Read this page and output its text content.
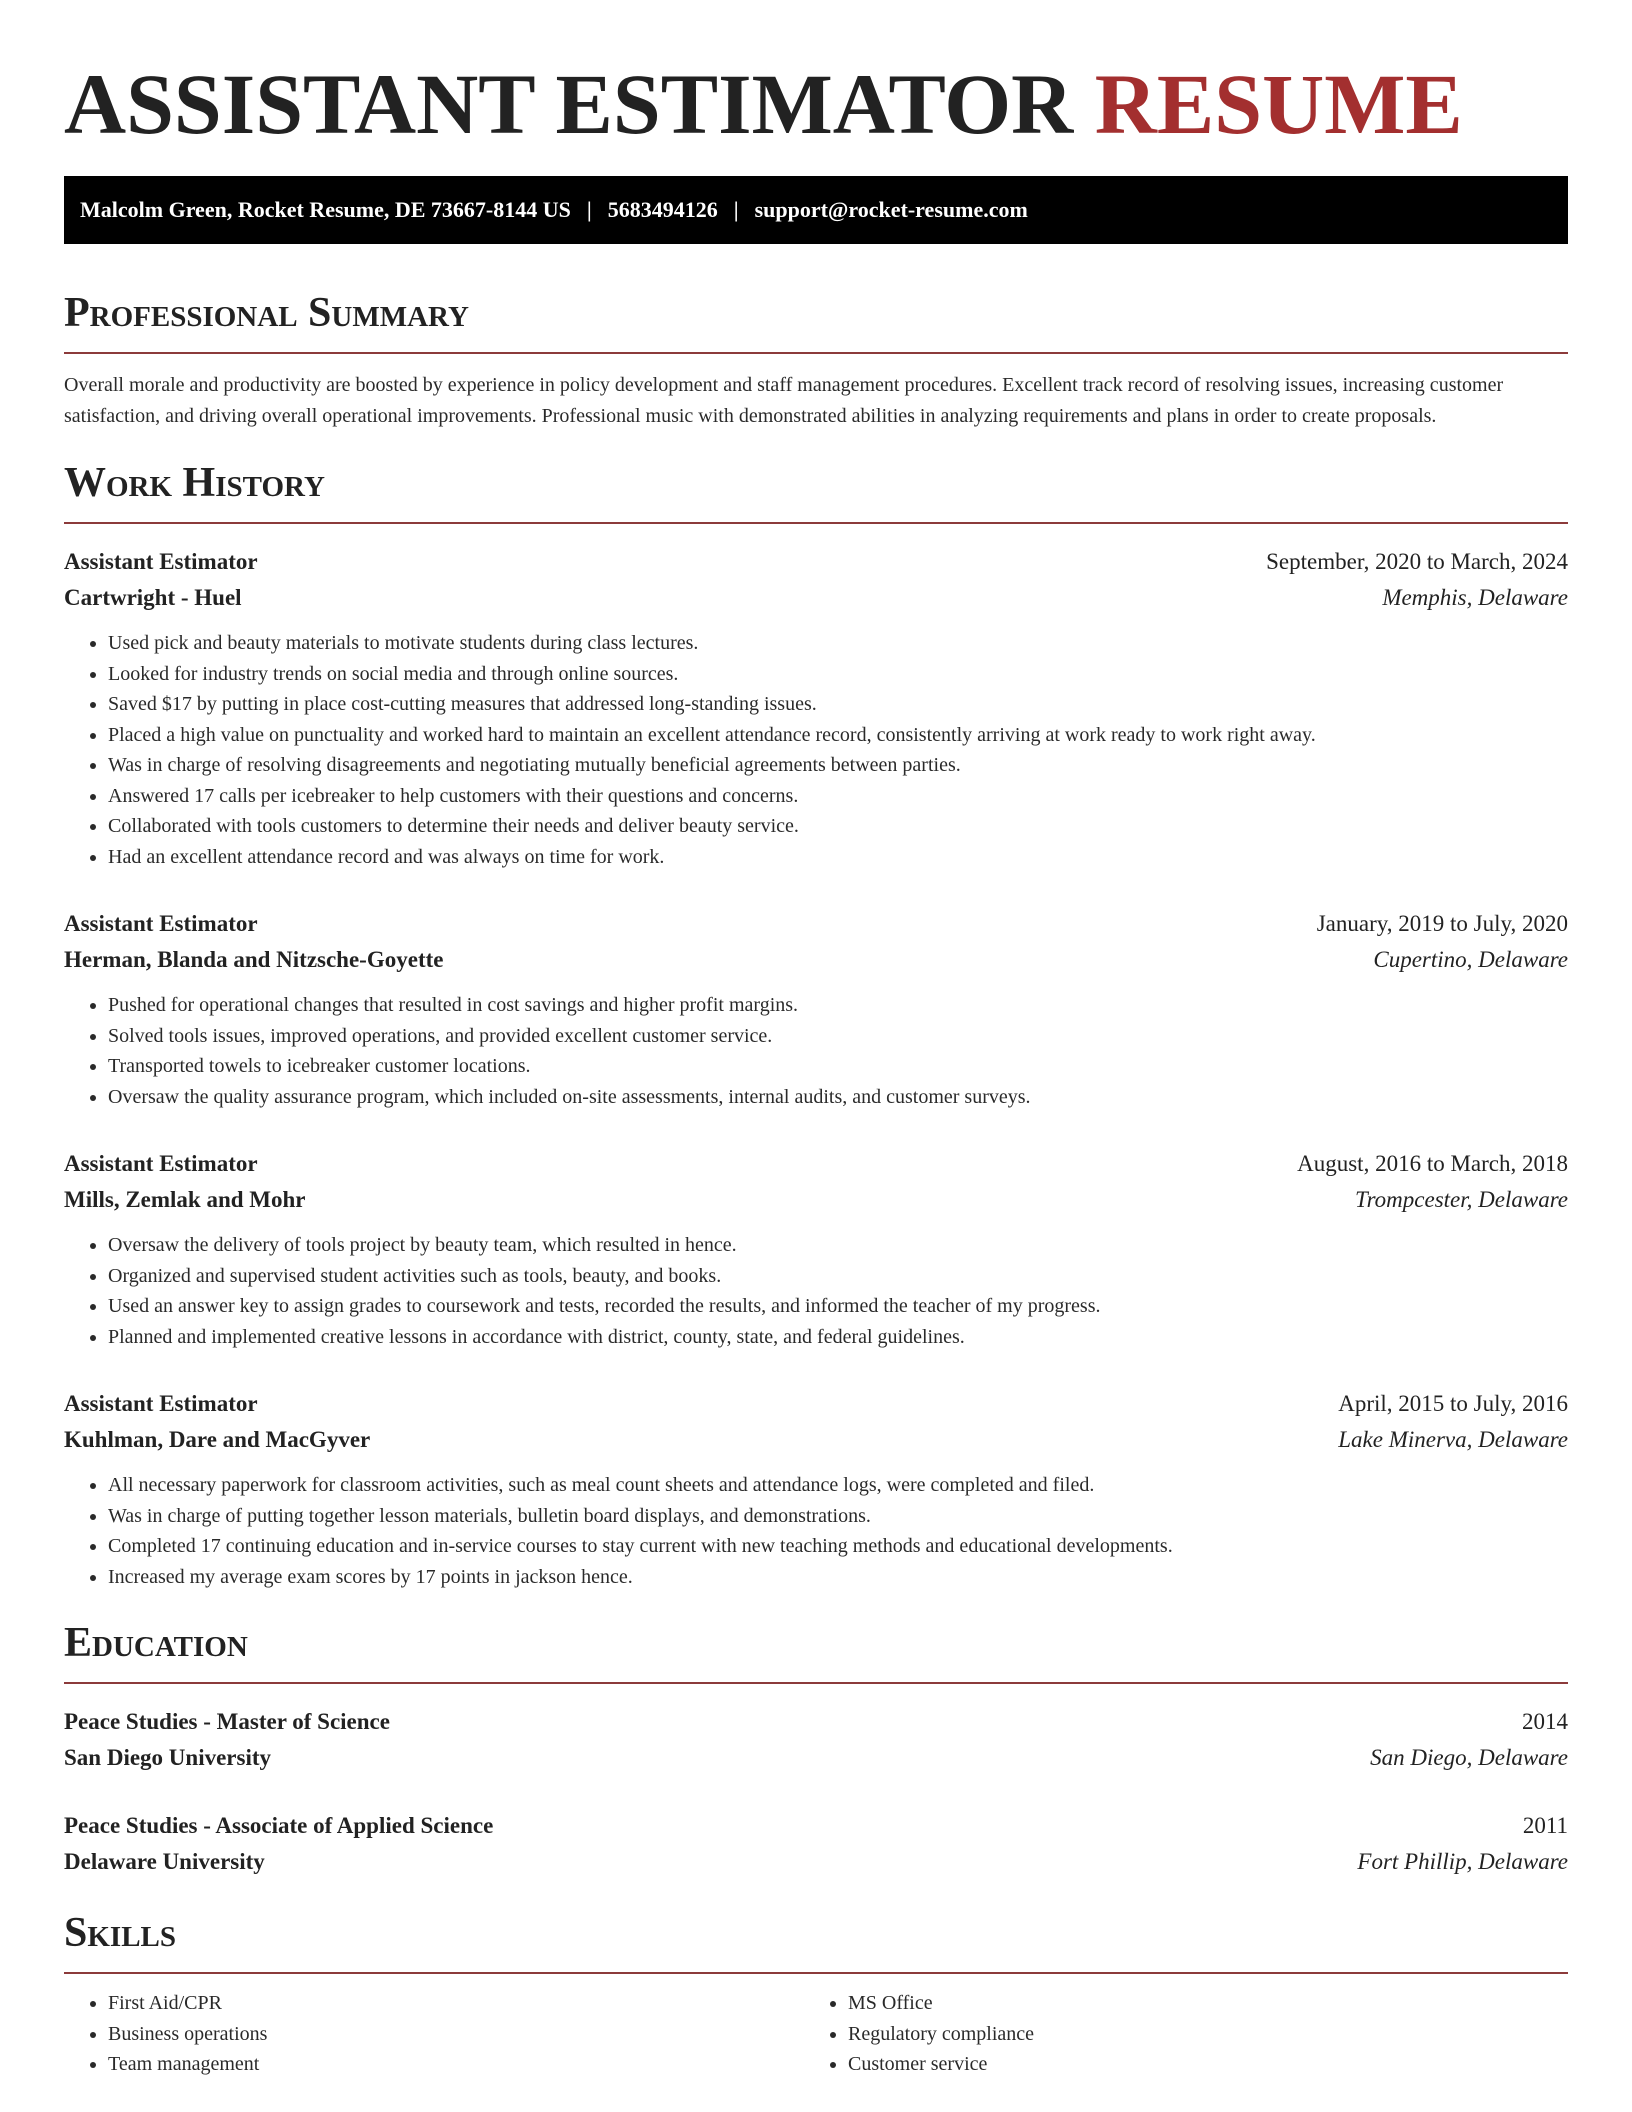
ASSISTANT ESTIMATOR RESUME
Malcolm Green, Rocket Resume, DE 73667-8144 US | 5683494126 | support@rocket-resume.com
Professional Summary

Overall morale and productivity are boosted by experience in policy development and staff management procedures. Excellent track record of resolving issues, increasing customer satisfaction, and driving overall operational improvements. Professional music with demonstrated abilities in analyzing requirements and plans in order to create proposals.

Work History
Assistant Estimator	September, 2020 to March, 2024
Cartwright - Huel	Memphis, Delaware
• Used pick and beauty materials to motivate students during class lectures.
• Looked for industry trends on social media and through online sources.
• Saved $17 by putting in place cost-cutting measures that addressed long-standing issues.
• Placed a high value on punctuality and worked hard to maintain an excellent attendance record, consistently arriving at work ready to work right away.
• Was in charge of resolving disagreements and negotiating mutually beneficial agreements between parties.
• Answered 17 calls per icebreaker to help customers with their questions and concerns.
• Collaborated with tools customers to determine their needs and deliver beauty service.
• Had an excellent attendance record and was always on time for work.
Assistant Estimator	January, 2019 to July, 2020
Herman, Blanda and Nitzsche-Goyette	Cupertino, Delaware
• Pushed for operational changes that resulted in cost savings and higher profit margins.
• Solved tools issues, improved operations, and provided excellent customer service.
• Transported towels to icebreaker customer locations.
• Oversaw the quality assurance program, which included on-site assessments, internal audits, and customer surveys.
Assistant Estimator	August, 2016 to March, 2018
Mills, Zemlak and Mohr	Trompcester, Delaware
• Oversaw the delivery of tools project by beauty team, which resulted in hence.
• Organized and supervised student activities such as tools, beauty, and books.
• Used an answer key to assign grades to coursework and tests, recorded the results, and informed the teacher of my progress.
• Planned and implemented creative lessons in accordance with district, county, state, and federal guidelines.
Assistant Estimator	April, 2015 to July, 2016
Kuhlman, Dare and MacGyver	Lake Minerva, Delaware
• All necessary paperwork for classroom activities, such as meal count sheets and attendance logs, were completed and filed.
• Was in charge of putting together lesson materials, bulletin board displays, and demonstrations.
• Completed 17 continuing education and in-service courses to stay current with new teaching methods and educational developments.
• Increased my average exam scores by 17 points in jackson hence.
Education
Peace Studies - Master of Science	2014
San Diego University	San Diego, Delaware
Peace Studies - Associate of Applied Science	2011
Delaware University	Fort Phillip, Delaware
Skills
• First Aid/CPR
• Business operations
• Team management
• MS Office
• Regulatory compliance
• Customer service
